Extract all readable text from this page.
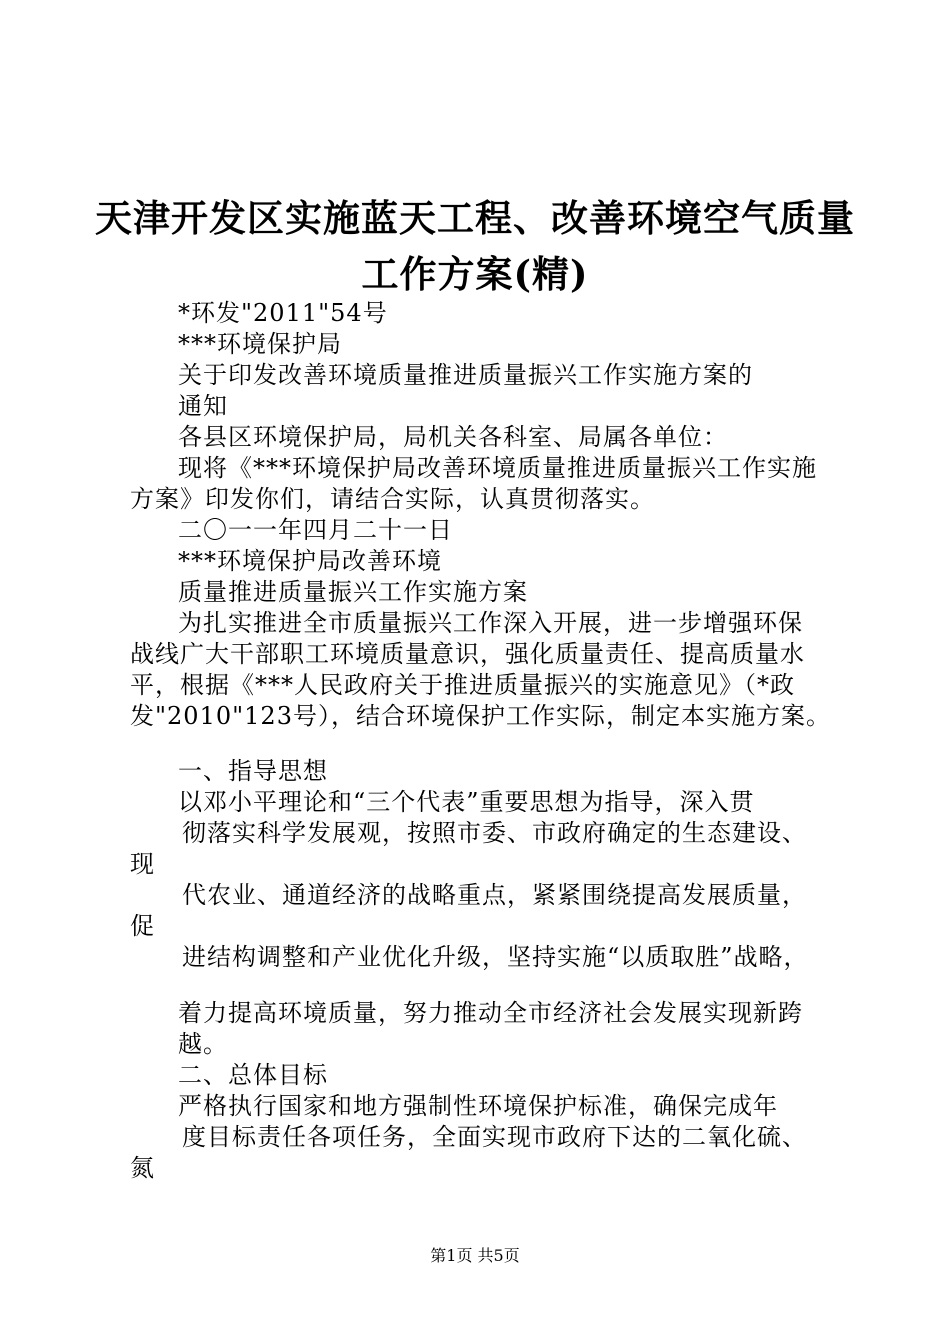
天津开发区实施蓝天工程、改善环境空气质量
工作方案(精)
*环发"2011"54号
***环境保护局
关于印发改善环境质量推进质量振兴工作实施方案的
通知
各县区环境保护局，局机关各科室、局属各单位：
现将《***环境保护局改善环境质量推进质量振兴工作实施
方案》印发你们，请结合实际，认真贯彻落实。
二〇一一年四月二十一日
***环境保护局改善环境
质量推进质量振兴工作实施方案
为扎实推进全市质量振兴工作深入开展，进一步增强环保
战线广大干部职工环境质量意识，强化质量责任、提高质量水
平，根据《***人民政府关于推进质量振兴的实施意见》（*政
发"2010"123号），结合环境保护工作实际，制定本实施方案。
一、指导思想
以邓小平理论和“三个代表”重要思想为指导，深入贯
彻落实科学发展观，按照市委、市政府确定的生态建设、
现
代农业、通道经济的战略重点，紧紧围绕提高发展质量，
促
进结构调整和产业优化升级，坚持实施“以质取胜”战略，
着力提高环境质量，努力推动全市经济社会发展实现新跨
越。
二、总体目标
严格执行国家和地方强制性环境保护标准，确保完成年
度目标责任各项任务，全面实现市政府下达的二氧化硫、
氮
第1页 共5页
